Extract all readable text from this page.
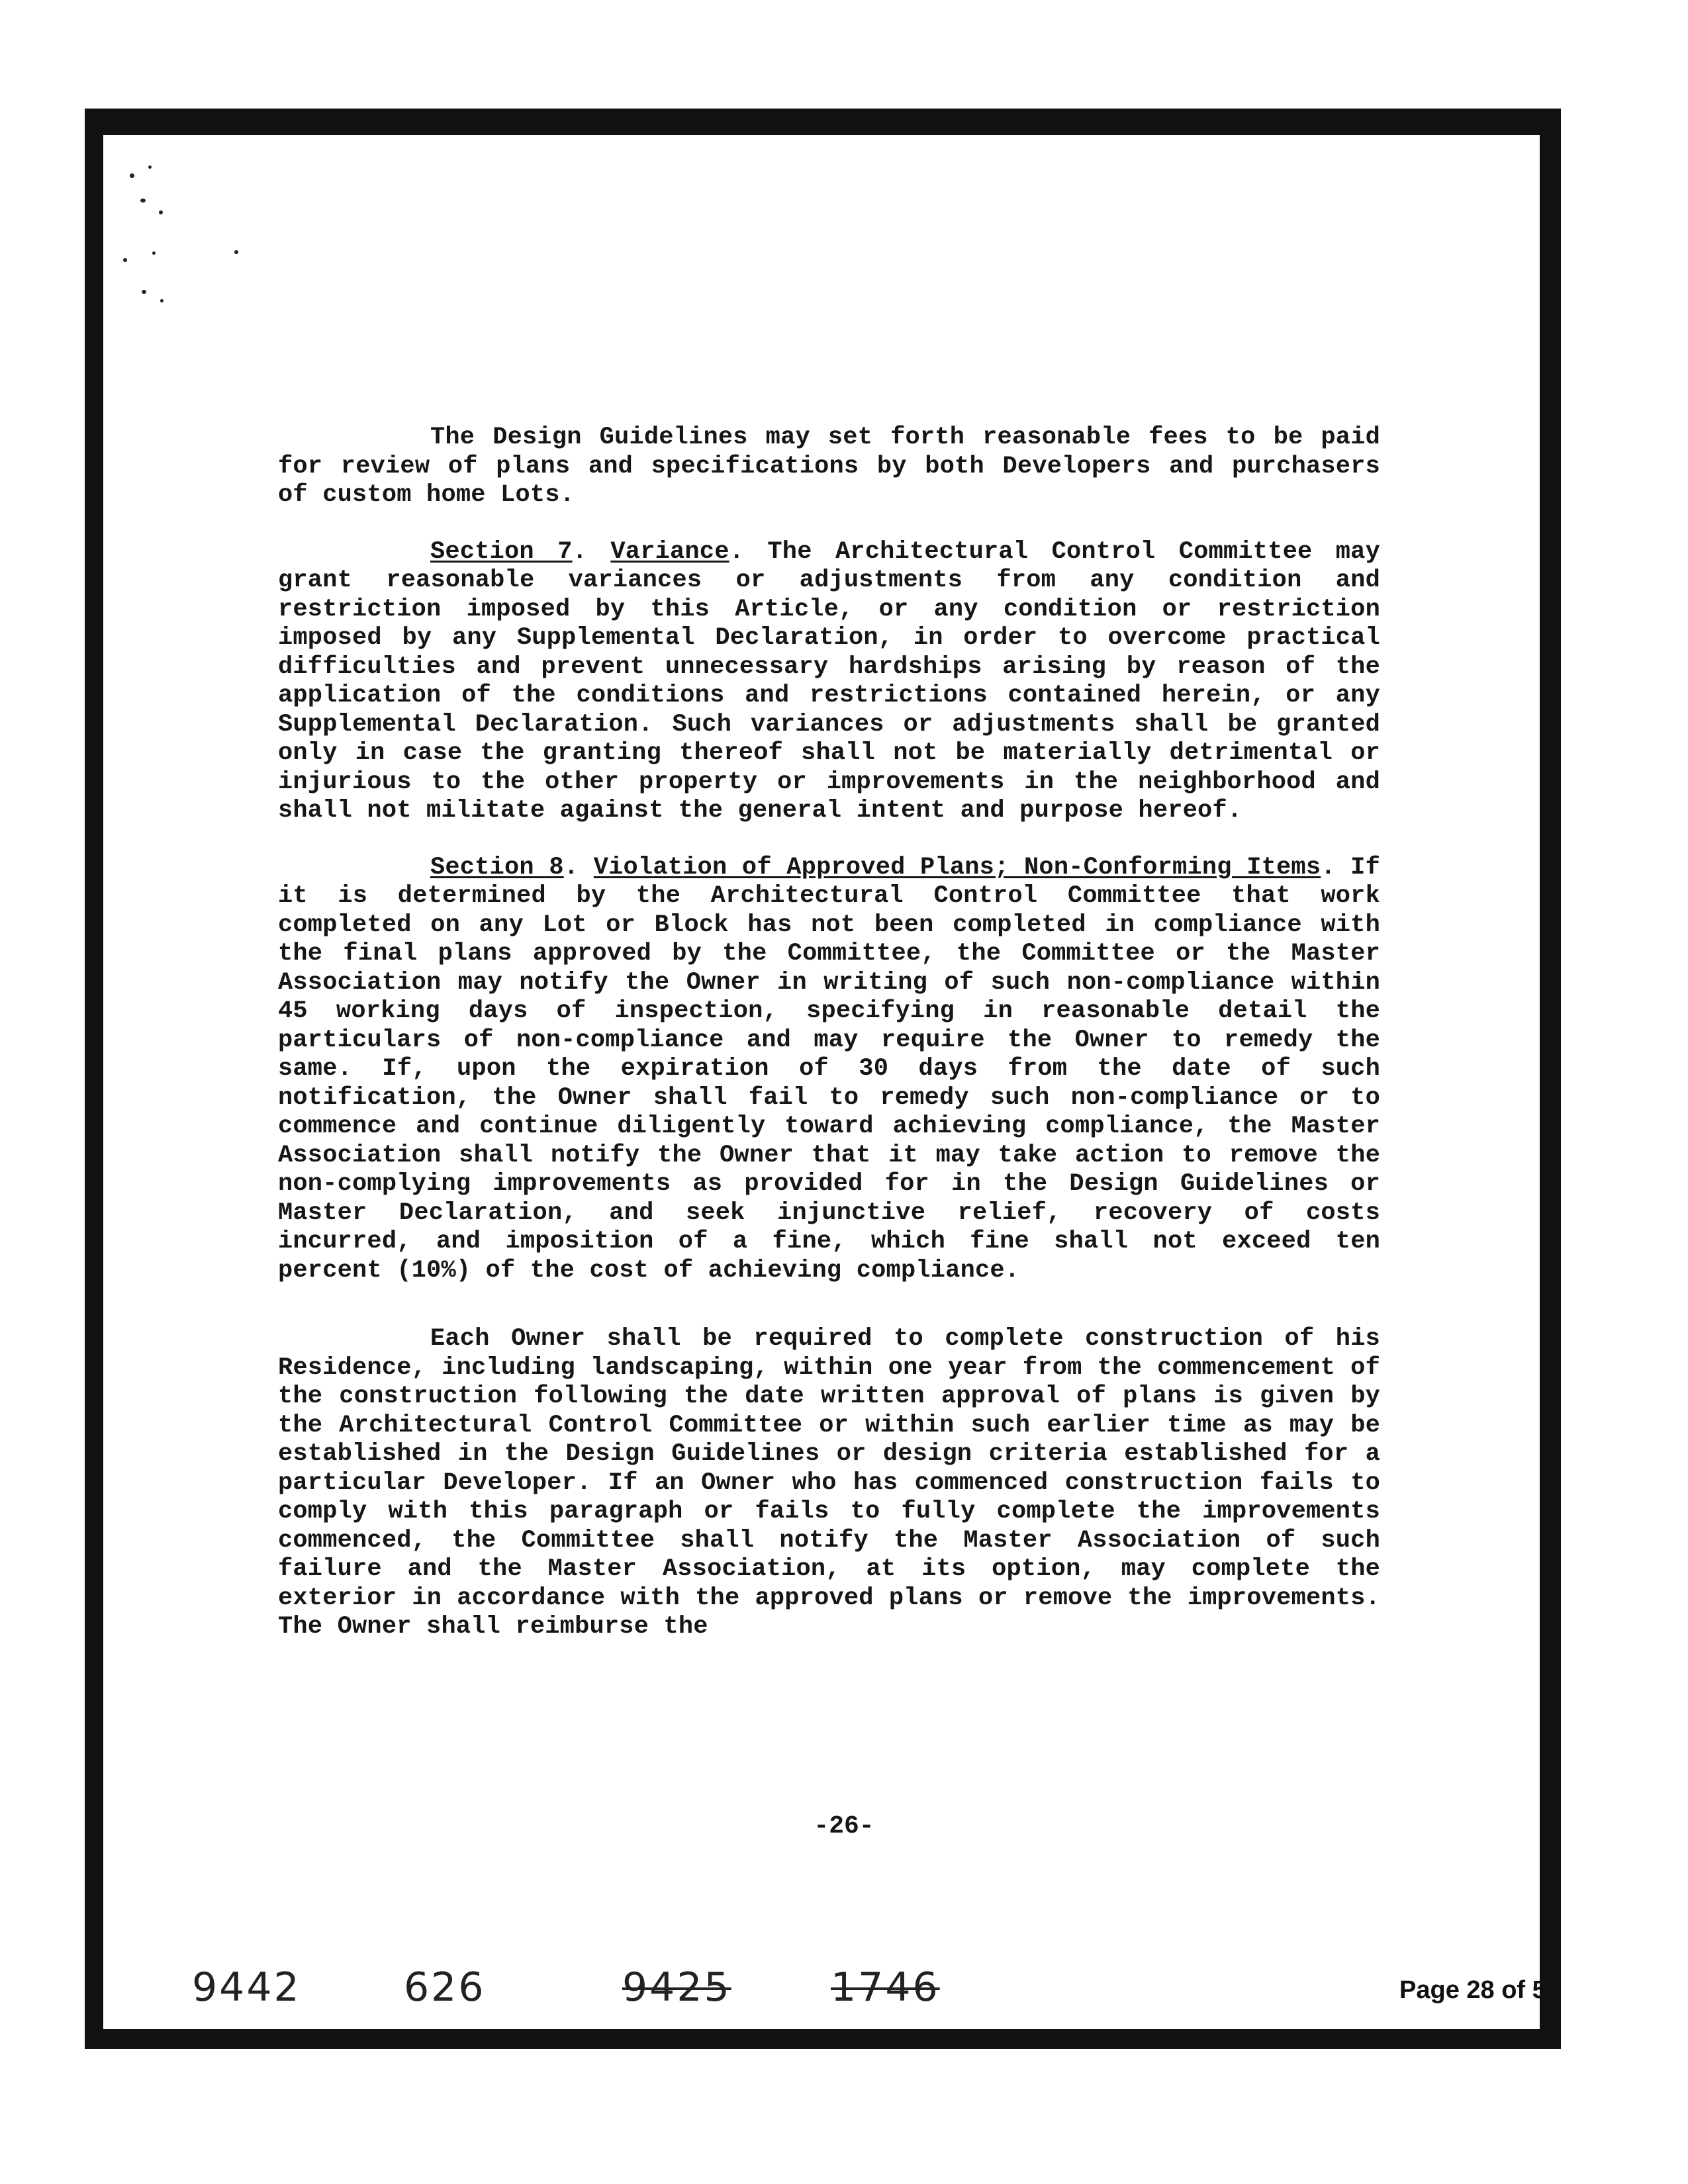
The Design Guidelines may set forth reasonable fees to be paid for review of plans and specifications by both Developers and purchasers of custom home Lots.

Section 7. Variance. The Architectural Control Committee may grant reasonable variances or adjustments from any condition and restriction imposed by this Article, or any condition or restriction imposed by any Supplemental Declaration, in order to overcome practical difficulties and prevent unnecessary hardships arising by reason of the application of the conditions and restrictions contained herein, or any Supplemental Declaration. Such variances or adjustments shall be granted only in case the granting thereof shall not be materially detrimental or injurious to the other property or improvements in the neighborhood and shall not militate against the general intent and purpose hereof.

Section 8. Violation of Approved Plans; Non-Conforming Items. If it is determined by the Architectural Control Committee that work completed on any Lot or Block has not been completed in compliance with the final plans approved by the Committee, the Committee or the Master Association may notify the Owner in writing of such non-compliance within 45 working days of inspection, specifying in reasonable detail the particulars of non-compliance and may require the Owner to remedy the same. If, upon the expiration of 30 days from the date of such notification, the Owner shall fail to remedy such non-compliance or to commence and continue diligently toward achieving compliance, the Master Association shall notify the Owner that it may take action to remove the non-complying improvements as provided for in the Design Guidelines or Master Declaration, and seek injunctive relief, recovery of costs incurred, and imposition of a fine, which fine shall not exceed ten percent (10%) of the cost of achieving compliance.

Each Owner shall be required to complete construction of his Residence, including landscaping, within one year from the commencement of the construction following the date written approval of plans is given by the Architectural Control Committee or within such earlier time as may be established in the Design Guidelines or design criteria established for a particular Developer. If an Owner who has commenced construction fails to comply with this paragraph or fails to fully complete the improvements commenced, the Committee shall notify the Master Association of such failure and the Master Association, at its option, may complete the exterior in accordance with the approved plans or remove the improvements. The Owner shall reimburse the

-26-
9442	626	9425	1746	Page 28 of 5
